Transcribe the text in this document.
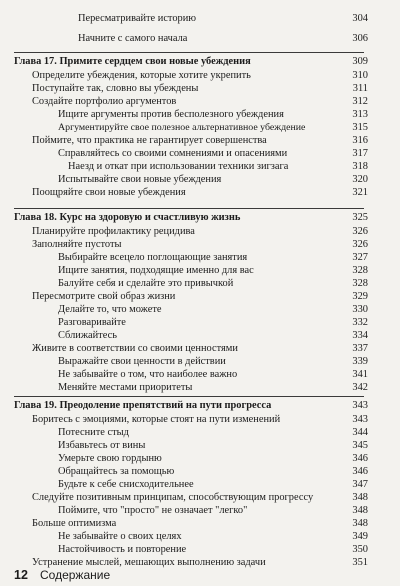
Пересматривайте историю	304
Начните с самого начала	306
Глава 17. Примите сердцем свои новые убеждения	309
Определите убеждения, которые хотите укрепить	310
Поступайте так, словно вы убеждены	311
Создайте портфолио аргументов	312
Ищите аргументы против бесполезного убеждения	313
Аргументируйте свое полезное альтернативное убеждение	315
Поймите, что практика не гарантирует совершенства	316
Справляйтесь со своими сомнениями и опасениями	317
Наезд и откат при использовании техники зигзага	318
Испытывайте свои новые убеждения	320
Поощряйте свои новые убеждения	321
Глава 18. Курс на здоровую и счастливую жизнь	325
Планируйте профилактику рецидива	326
Заполняйте пустоты	326
Выбирайте всецело поглощающие занятия	327
Ищите занятия, подходящие именно для вас	328
Балуйте себя и сделайте это привычкой	328
Пересмотрите свой образ жизни	329
Делайте то, что можете	330
Разговаривайте	332
Сближайтесь	334
Живите в соответствии со своими ценностями	337
Выражайте свои ценности в действии	339
Не забывайте о том, что наиболее важно	341
Меняйте местами приоритеты	342
Глава 19. Преодоление препятствий на пути прогресса	343
Боритесь с эмоциями, которые стоят на пути изменений	343
Потесните стыд	344
Избавьтесь от вины	345
Умерьте свою гордыню	346
Обращайтесь за помощью	346
Будьте к себе снисходительнее	347
Следуйте позитивным принципам, способствующим прогрессу	348
Поймите, что "просто" не означает "легко"	348
Больше оптимизма	348
Не забывайте о своих целях	349
Настойчивость и повторение	350
Устранение мыслей, мешающих выполнению задачи	351
12 Содержание
